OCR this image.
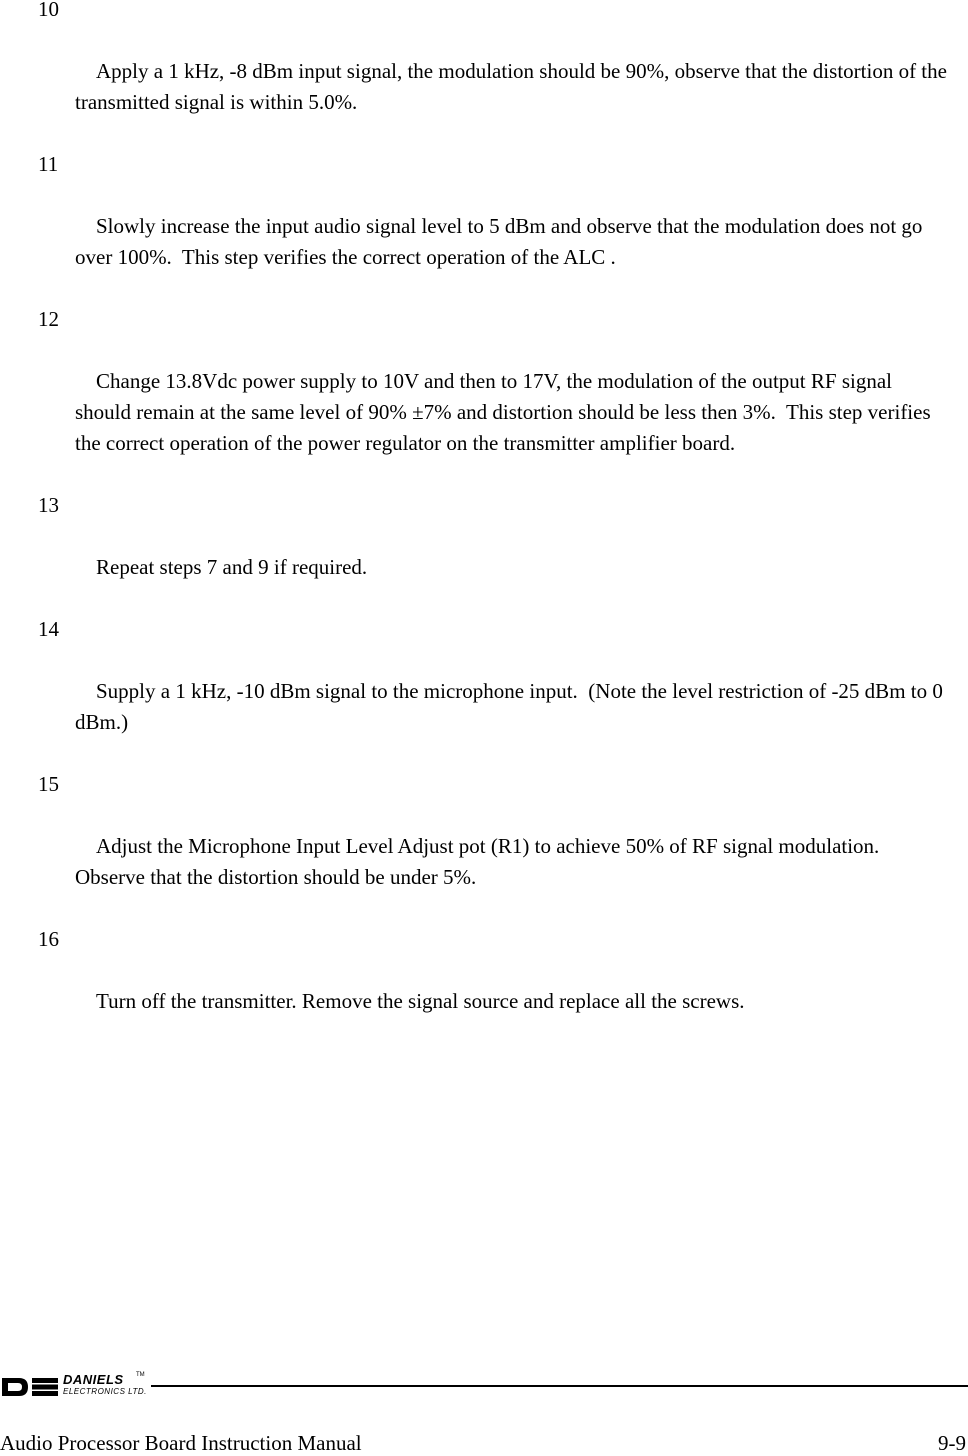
10

Apply a 1 kHz, -8 dBm input signal, the modulation should be 90%, observe that the distortion of the transmitted signal is within 5.0%.

11

Slowly increase the input audio signal level to 5 dBm and observe that the modulation does not go over 100%.  This step verifies the correct operation of the ALC .

12

Change 13.8Vdc power supply to 10V and then to 17V, the modulation of the output RF signal should remain at the same level of 90% ±7% and distortion should be less then 3%.  This step verifies the correct operation of the power regulator on the transmitter amplifier board.

13

Repeat steps 7 and 9 if required.

14

Supply a 1 kHz, -10 dBm signal to the microphone input.  (Note the level restriction of -25 dBm to 0 dBm.)

15

Adjust the Microphone Input Level Adjust pot (R1) to achieve 50% of RF signal modulation. Observe that the distortion should be under 5%.

16

Turn off the transmitter. Remove the signal source and replace all the screws.

DANIELS TM
ELECTRONICS LTD.
Audio Processor Board Instruction Manual	9-9
